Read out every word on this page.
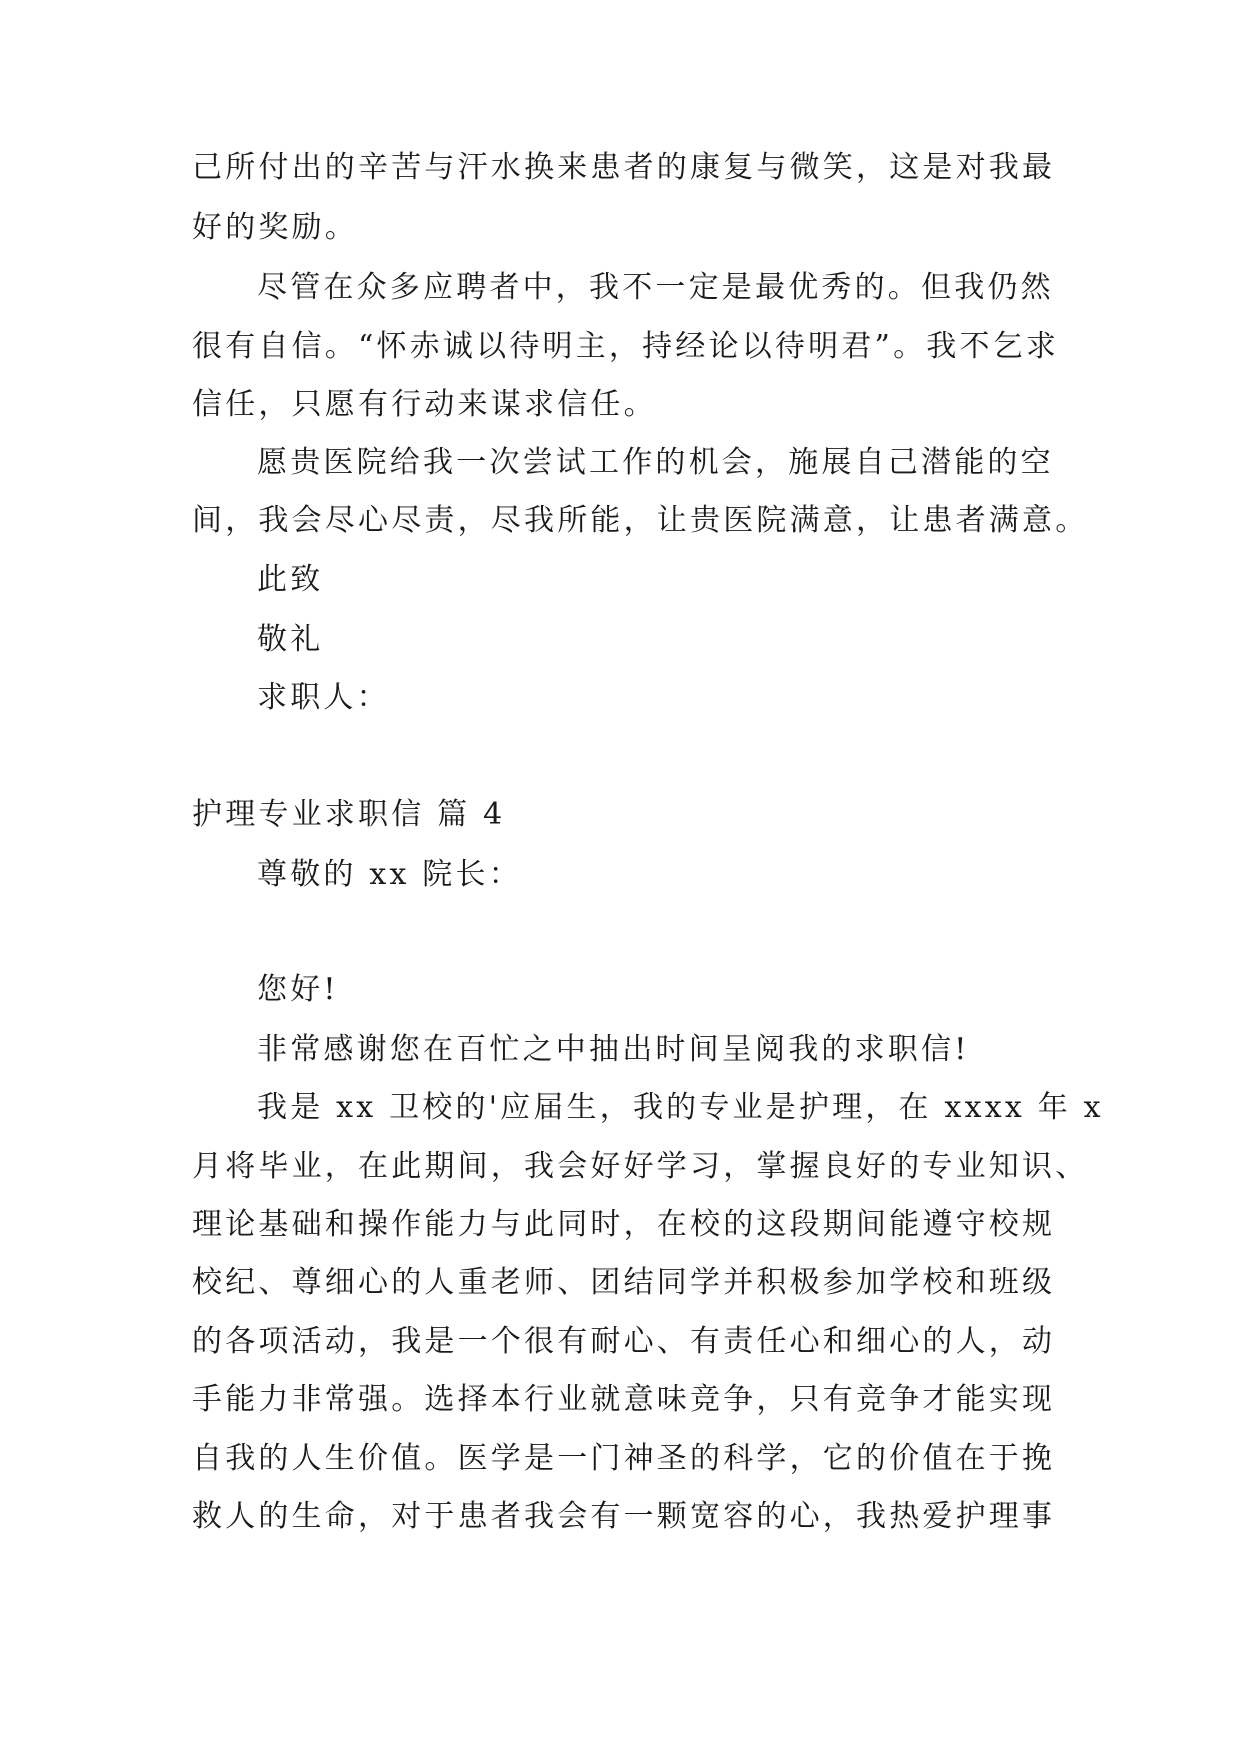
己所付出的辛苦与汗水换来患者的康复与微笑，这是对我最
好的奖励。
尽管在众多应聘者中，我不一定是最优秀的。但我仍然
很有自信。“怀赤诚以待明主，持经论以待明君”。我不乞求
信任，只愿有行动来谋求信任。
愿贵医院给我一次尝试工作的机会，施展自己潜能的空
间，我会尽心尽责，尽我所能，让贵医院满意，让患者满意。
此致
敬礼
求职人：
护理专业求职信 篇 4
尊敬的 xx 院长：
您好!
非常感谢您在百忙之中抽出时间呈阅我的求职信!
我是 xx 卫校的'应届生，我的专业是护理，在 xxxx 年 x
月将毕业，在此期间，我会好好学习，掌握良好的专业知识、
理论基础和操作能力与此同时，在校的这段期间能遵守校规
校纪、尊细心的人重老师、团结同学并积极参加学校和班级
的各项活动，我是一个很有耐心、有责任心和细心的人，动
手能力非常强。选择本行业就意味竞争，只有竞争才能实现
自我的人生价值。医学是一门神圣的科学，它的价值在于挽
救人的生命，对于患者我会有一颗宽容的心，我热爱护理事
